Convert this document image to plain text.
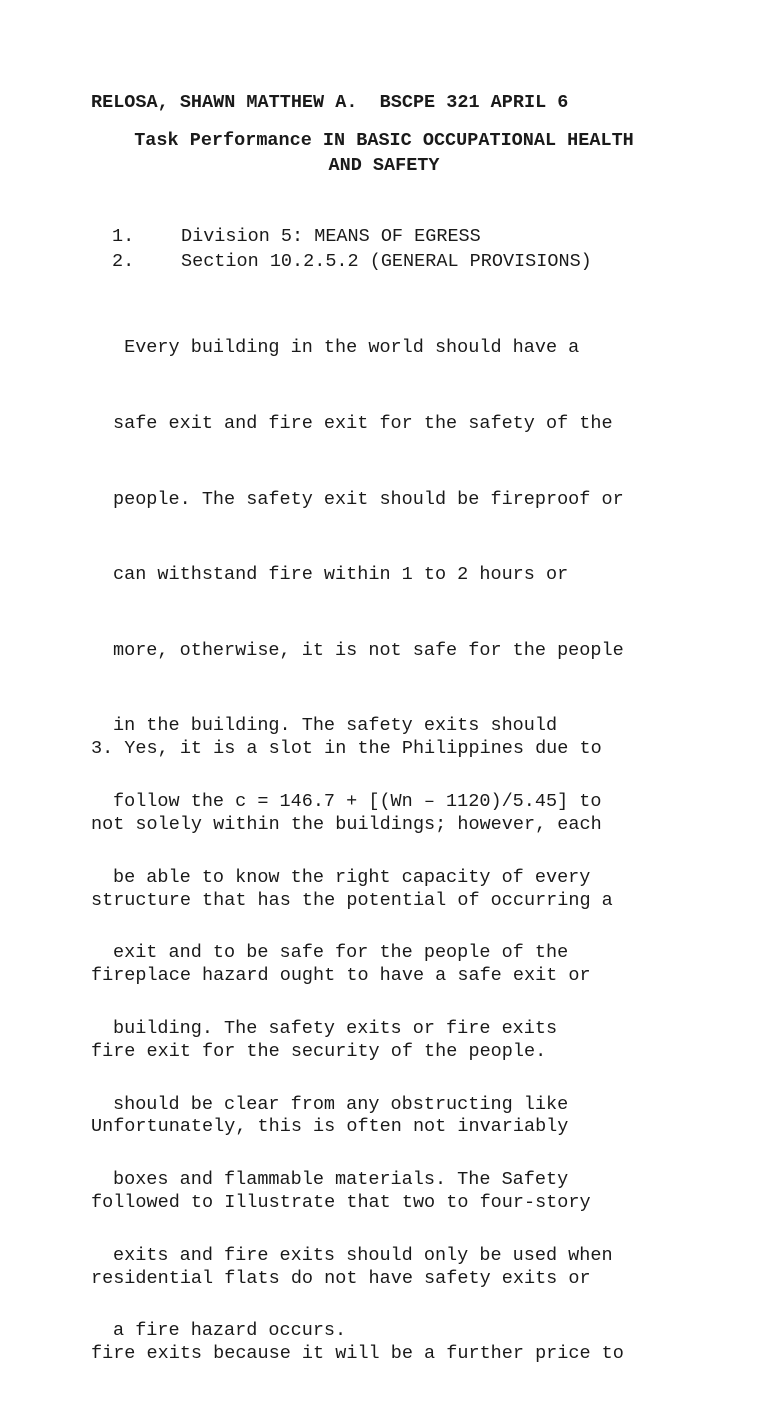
RELOSA, SHAWN MATTHEW A.  BSCPE 321 APRIL 6
Task Performance IN BASIC OCCUPATIONAL HEALTH
AND SAFETY
1.	Division 5: MEANS OF EGRESS
2.	Section 10.2.5.2 (GENERAL PROVISIONS)

Every building in the world should have a

safe exit and fire exit for the safety of the

people. The safety exit should be fireproof or

can withstand fire within 1 to 2 hours or

more, otherwise, it is not safe for the people

in the building. The safety exits should

follow the c = 146.7 + [(Wn – 1120)/5.45] to

be able to know the right capacity of every

exit and to be safe for the people of the

building. The safety exits or fire exits

should be clear from any obstructing like

boxes and flammable materials. The Safety

exits and fire exits should only be used when

a fire hazard occurs.

3. Yes, it is a slot in the Philippines due to

not solely within the buildings; however, each

structure that has the potential of occurring a

fireplace hazard ought to have a safe exit or

fire exit for the security of the people.

Unfortunately, this is often not invariably

followed to Illustrate that two to four-story

residential flats do not have safety exits or

fire exits because it will be a further price to
